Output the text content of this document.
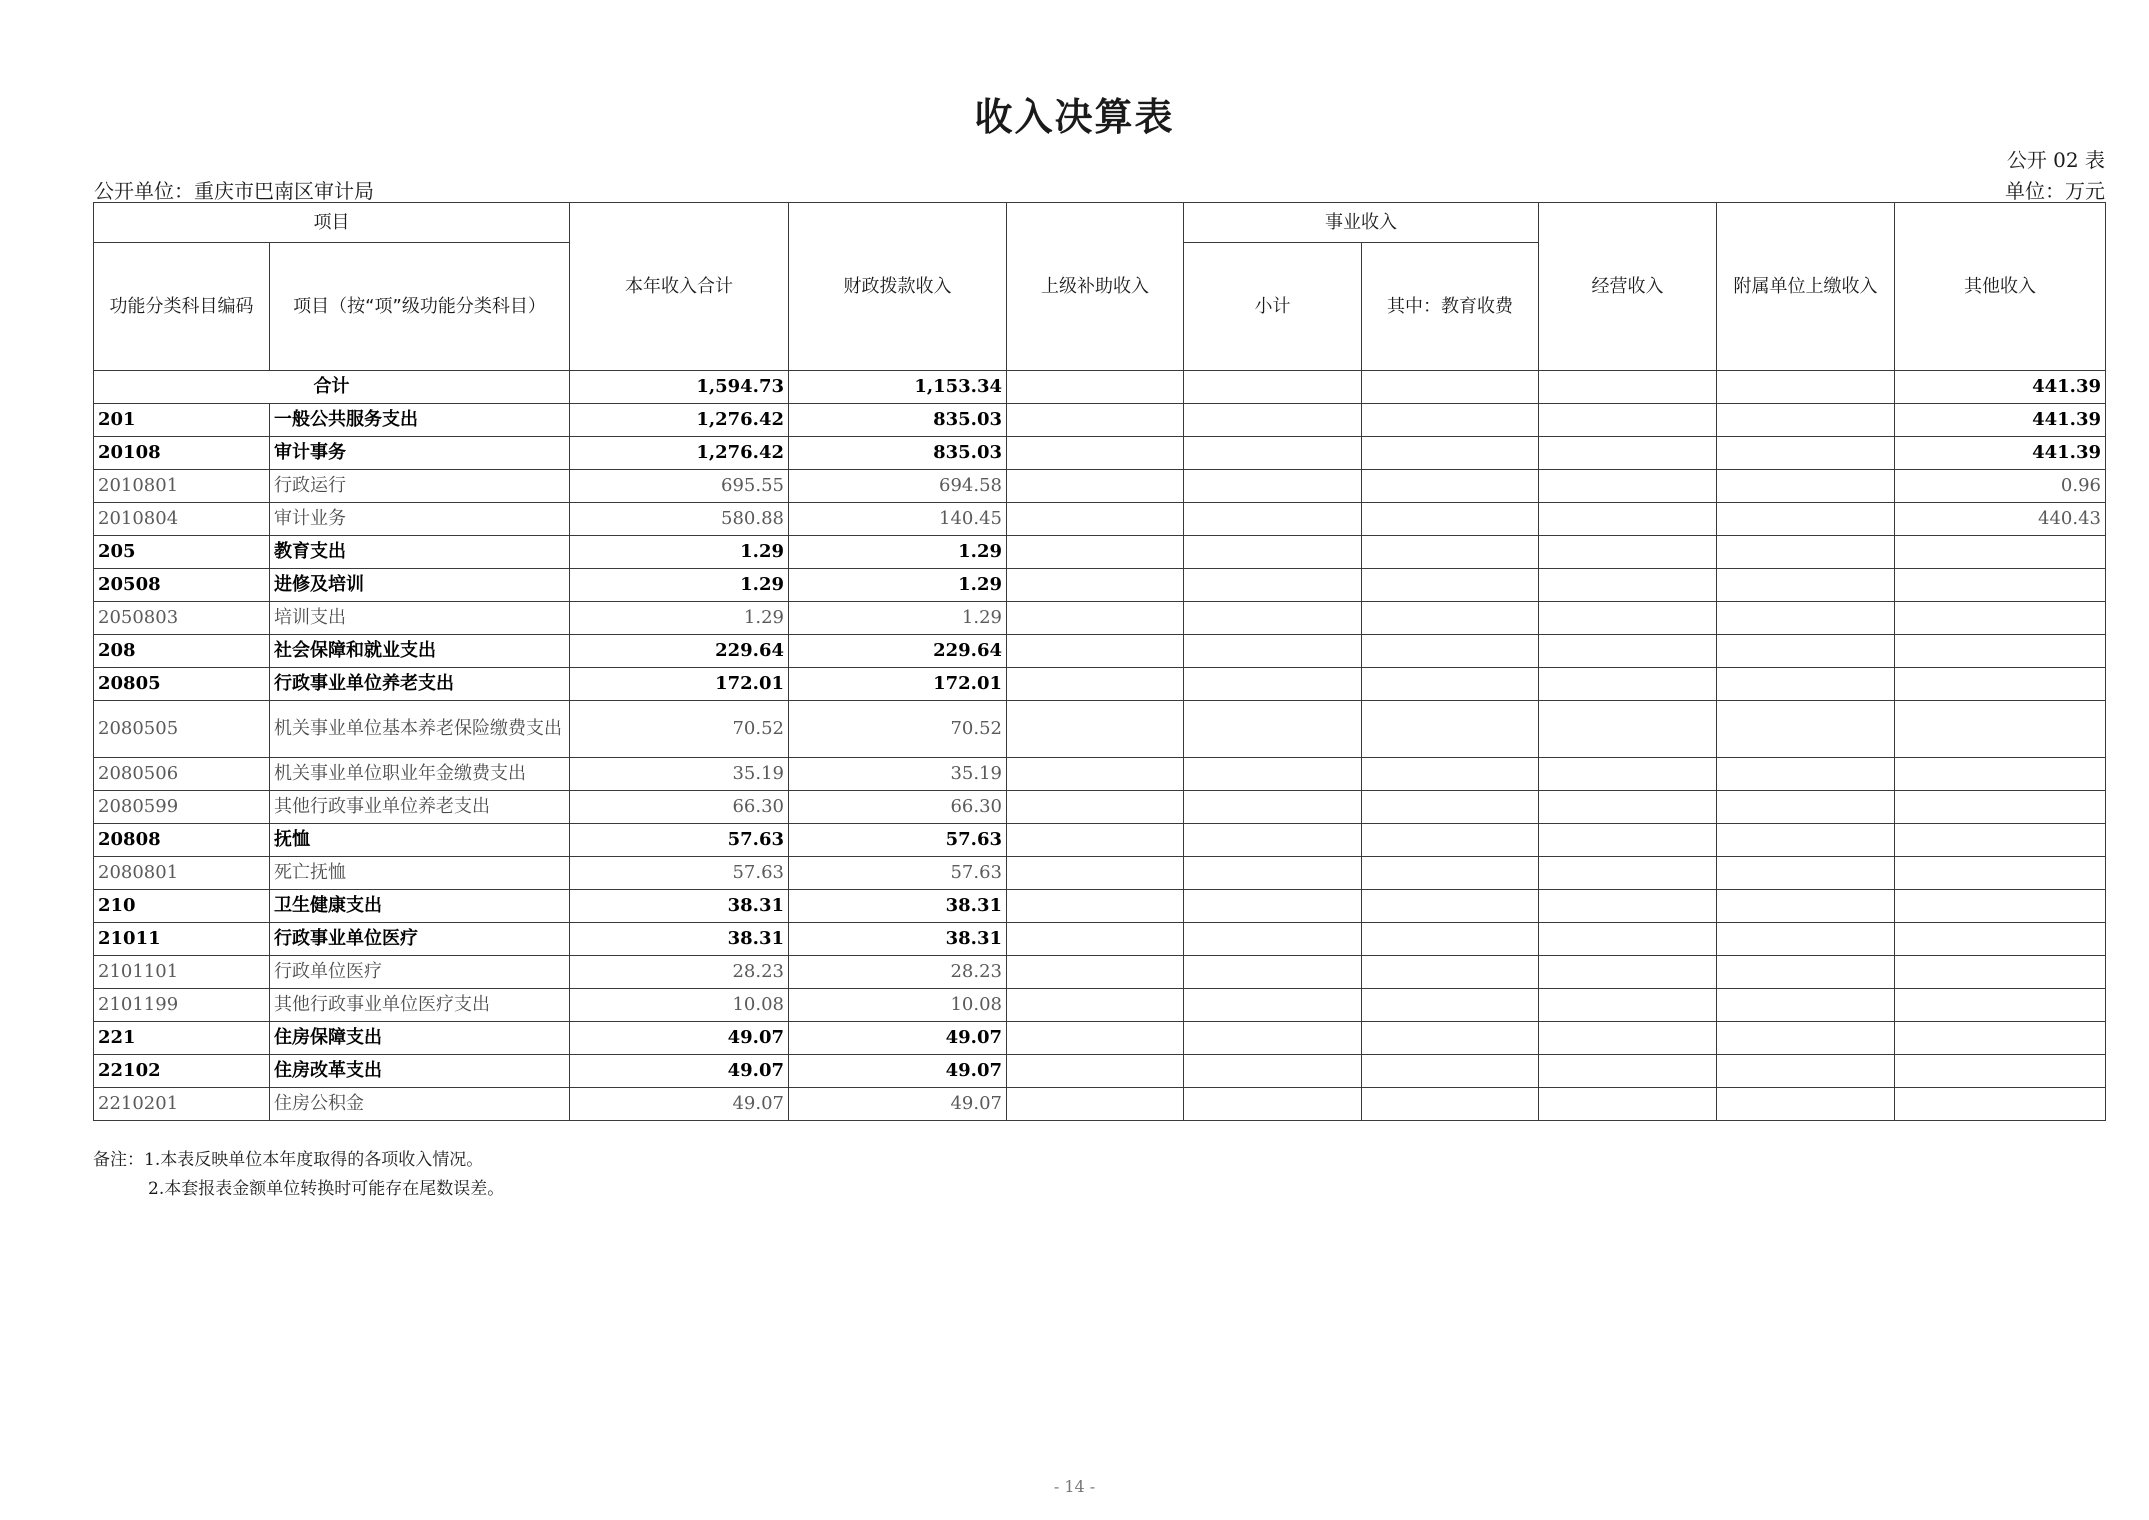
收入决算表
公开 02 表
公开单位：重庆市巴南区审计局	单位：万元
项目		本年收入合计	财政拨款收入	上级补助收入	事业收入		经营收入	附属单位上缴收入	其他收入
功能分类科目编码	项目（按“项”级功能分类科目）				小计	其中：教育收费			
合计		1,594.73	1,153.34						441.39
201	一般公共服务支出	1,276.42	835.03						441.39
20108	审计事务	1,276.42	835.03						441.39
2010801	行政运行	695.55	694.58						0.96
2010804	审计业务	580.88	140.45						440.43
205	教育支出	1.29	1.29						
20508	进修及培训	1.29	1.29						
2050803	培训支出	1.29	1.29						
208	社会保障和就业支出	229.64	229.64						
20805	行政事业单位养老支出	172.01	172.01						
2080505	机关事业单位基本养老保险缴费支出	70.52	70.52						
2080506	机关事业单位职业年金缴费支出	35.19	35.19						
2080599	其他行政事业单位养老支出	66.30	66.30						
20808	抚恤	57.63	57.63						
2080801	死亡抚恤	57.63	57.63						
210	卫生健康支出	38.31	38.31						
21011	行政事业单位医疗	38.31	38.31						
2101101	行政单位医疗	28.23	28.23						
2101199	其他行政事业单位医疗支出	10.08	10.08						
221	住房保障支出	49.07	49.07						
22102	住房改革支出	49.07	49.07						
2210201	住房公积金	49.07	49.07						
备注：1.本表反映单位本年度取得的各项收入情况。
2.本套报表金额单位转换时可能存在尾数误差。
- 14 -
